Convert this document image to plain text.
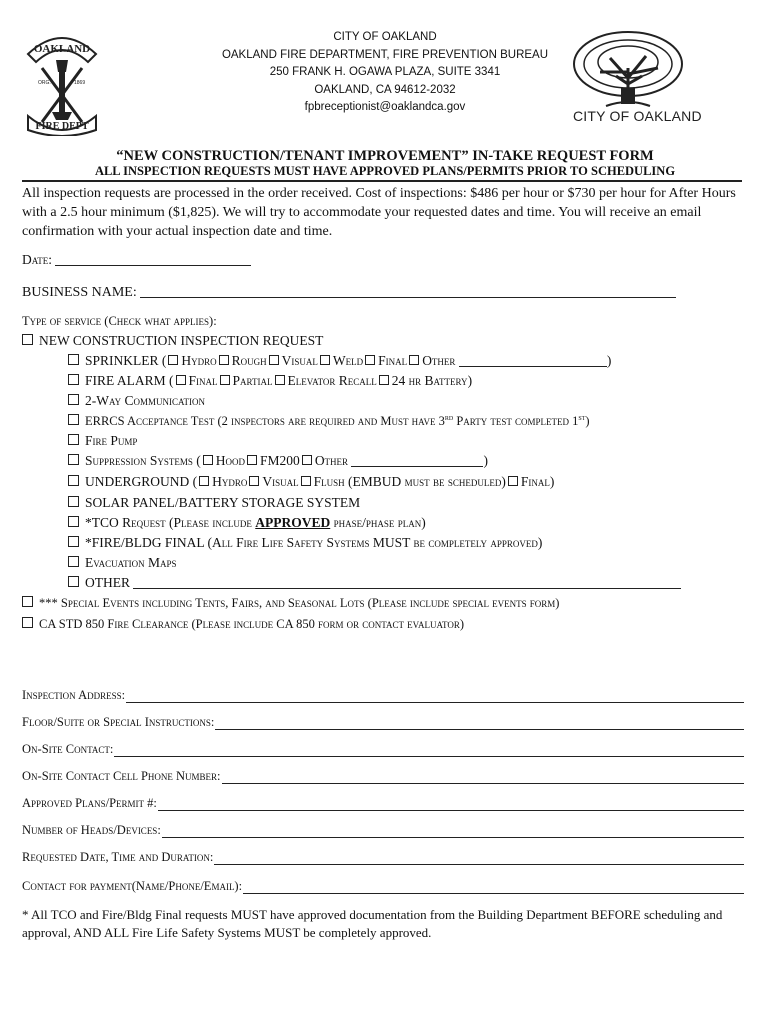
OAKLAND
ORG.	1869
FIRE DEPT
CITY OF OAKLAND
OAKLAND FIRE DEPARTMENT, FIRE PREVENTION BUREAU
250 FRANK H. OGAWA PLAZA, SUITE 3341
OAKLAND, CA 94612-2032
fpbreceptionist@oaklandca.gov
CITY OF OAKLAND
“NEW CONSTRUCTION/TENANT IMPROVEMENT” IN-TAKE REQUEST FORM
ALL INSPECTION REQUESTS MUST HAVE APPROVED PLANS/PERMITS PRIOR TO SCHEDULING
All inspection requests are processed in the order received. Cost of inspections: $486 per hour or $730 per hour for After Hours with a 2.5 hour minimum ($1,825). We will try to accommodate your requested dates and time. You will receive an email confirmation with your actual inspection date and time.
Date:
BUSINESS NAME:
Type of service (Check what applies):
NEW CONSTRUCTION INSPECTION REQUEST
SPRINKLER ( Hydro Rough Visual Weld Final Other	)
FIRE ALARM ( Final Partial Elevator Recall 24 hr Battery)
2-Way Communication
ERRCS Acceptance Test (2 inspectors are required and Must have 3rd Party test completed 1st)
Fire Pump
Suppression Systems ( Hood FM200 Other	)
UNDERGROUND ( Hydro Visual Flush (EMBUD must be scheduled) Final)
SOLAR PANEL/BATTERY STORAGE SYSTEM
*TCO Request (Please include APPROVED phase/phase plan)
*FIRE/BLDG FINAL (All Fire Life Safety Systems MUST be completely approved)
Evacuation Maps
OTHER
*** Special Events including Tents, Fairs, and Seasonal Lots (Please include special events form)
CA STD 850 Fire Clearance (Please include CA 850 form or contact evaluator)
Inspection Address:
Floor/Suite or Special Instructions:
On-Site Contact:
On-Site Contact Cell Phone Number:
Approved Plans/Permit #:
Number of Heads/Devices:
Requested Date, Time and Duration:
Contact for payment(Name/Phone/Email):
* All TCO and Fire/Bldg Final requests MUST have approved documentation from the Building Department BEFORE scheduling and approval, AND ALL Fire Life Safety Systems MUST be completely approved.
